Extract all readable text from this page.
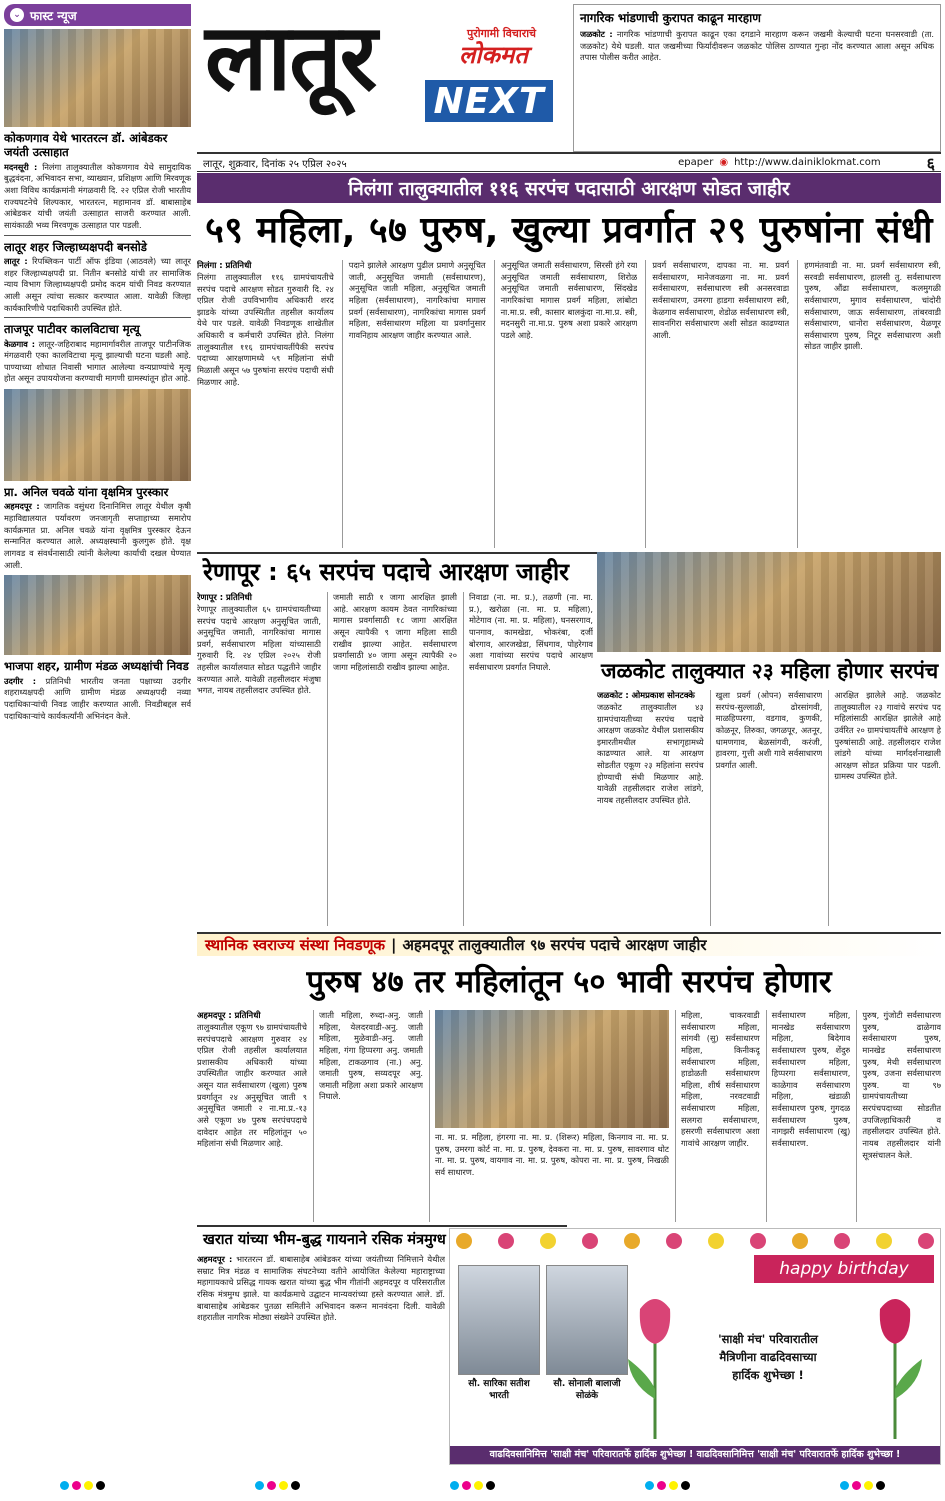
⌄ फास्ट न्यूज
कोकणगाव येथे भारतरत्न डॉ. आंबेडकर जयंती उत्साहात
मदनसूरी : निलंगा तालुक्यातील कोकणगाव येथे सामुदायिक बुद्धवंदना, अभिवादन सभा, व्याख्यान, प्रशिक्षण आणि मिरवणूक अशा विविध कार्यक्रमांनी मंगळवारी दि. २२ एप्रिल रोजी भारतीय राज्यघटनेचे शिल्पकार, भारतरत्न, महामानव डॉ. बाबासाहेब आंबेडकर यांची जयंती उत्साहात साजरी करण्यात आली. सायंकाळी भव्य मिरवणूक उत्साहात पार पडली.
लातूर शहर जिल्हाध्यक्षपदी बनसोडे
लातूर : रिपब्लिकन पार्टी ऑफ इंडिया (आठवले) च्या लातूर शहर जिल्हाध्यक्षपदी प्रा. नितीन बनसोडे यांची तर सामाजिक न्याय विभाग जिल्हाध्यक्षपदी प्रमोद कदम यांची निवड करण्यात आली असून त्यांचा सत्कार करण्यात आला. यावेळी जिल्हा कार्यकारिणीचे पदाधिकारी उपस्थित होते.
ताजपूर पाटीवर कालविटाचा मृत्यू
केळगाव : लातूर-जहिराबाद महामार्गावरील ताजपूर पाटीनजिक मंगळवारी एका कालविटाचा मृत्यू झाल्याची घटना घडली आहे. पाण्याच्या शोधात निवासी भागात आलेल्या वन्यप्राण्यांचे मृत्यू होत असून उपाययोजना करण्याची मागणी ग्रामस्थांतून होत आहे.
प्रा. अनिल चवळे यांना वृक्षमित्र पुरस्कार
अहमदपूर : जागतिक वसुंधरा दिनानिमित्त लातूर येथील कृषी महाविद्यालयात पर्यावरण जनजागृती सप्ताहाच्या समारोप कार्यक्रमात प्रा. अनिल चवळे यांना वृक्षमित्र पुरस्कार देऊन सन्मानित करण्यात आले. अध्यक्षस्थानी कुलगुरू होते. वृक्ष लागवड व संवर्धनासाठी त्यांनी केलेल्या कार्याची दखल घेण्यात आली.
भाजपा शहर, ग्रामीण मंडळ अध्यक्षांची निवड
उदगीर : प्रतिनिधी भारतीय जनता पक्षाच्या उदगीर शहराध्यक्षपदी आणि ग्रामीण मंडळ अध्यक्षपदी नव्या पदाधिकाऱ्यांची निवड जाहीर करण्यात आली. निवडीबद्दल सर्व पदाधिकाऱ्यांचे कार्यकर्त्यांनी अभिनंदन केले.
लातूर	पुरोगामी विचाराचे
लोकमत
NEXT
नागरिक भांडणाची कुरापत काढून मारहाण
जळकोट : नागरिक भांडणाची कुरापत काढून एका दगडाने मारहाण करून जखमी केल्याची घटना घनसरवाडी (ता. जळकोट) येथे घडली. यात जखमीच्या फिर्यादीवरून जळकोट पोलिस ठाण्यात गुन्हा नोंद करण्यात आला असून अधिक तपास पोलीस करीत आहेत.
लातूर, शुक्रवार, दिनांक २५ एप्रिल २०२५	epaper ◉ http://www.dainiklokmat.com	६
निलंगा तालुक्यातील ११६ सरपंच पदासाठी आरक्षण सोडत जाहीर
५९ महिला, ५७ पुरुष, खुल्या प्रवर्गात २९ पुरुषांना संधी
निलंगा : प्रतिनिधी
निलंगा तालुक्यातील ११६ ग्रामपंचायतीचे सरपंच पदाचे आरक्षण सोडत गुरुवारी दि. २४ एप्रिल रोजी उपविभागीय अधिकारी शरद झाडके यांच्या उपस्थितीत तहसील कार्यालय येथे पार पडले. यावेळी निवडणूक शाखेतील अधिकारी व कर्मचारी उपस्थित होते. निलंगा तालुक्यातील ११६ ग्रामपंचायतींपैकी सरपंच पदाच्या आरक्षणामध्ये ५९ महिलांना संधी मिळाली असून ५७ पुरुषांना सरपंच पदाची संधी मिळणार आहे.
पदाने झालेले आरक्षण पुढील प्रमाणे अनुसूचित जाती, अनुसूचित जमाती (सर्वसाधारण), अनुसूचित जाती महिला, अनुसूचित जमाती महिला (सर्वसाधारण), नागरिकांचा मागास प्रवर्ग (सर्वसाधारण), नागरिकांचा मागास प्रवर्ग महिला, सर्वसाधारण महिला या प्रवर्गानुसार गावनिहाय आरक्षण जाहीर करण्यात आले.
अनुसूचित जमाती सर्वसाधारण, सिरसी हंगे रया अनुसूचित जमाती सर्वसाधारण, शिरोळ अनुसूचित जमाती सर्वसाधारण, सिंदखेड नागरिकांचा मागास प्रवर्ग महिला, लांबोटा ना.मा.प्र. स्त्री, कासार बालकुंदा ना.मा.प्र. स्त्री, मदनसुरी ना.मा.प्र. पुरुष अशा प्रकारे आरक्षण पडले आहे.
प्रवर्ग सर्वसाधारण, दापका ना. मा. प्रवर्ग सर्वसाधारण, मानेजवळगा ना. मा. प्रवर्ग सर्वसाधारण, सर्वसाधारण स्त्री अनसरवाडा सर्वसाधारण, उमरगा हाडगा सर्वसाधारण स्त्री, केळगाव सर्वसाधारण, शेडोळ सर्वसाधारण स्त्री, सावनगिरा सर्वसाधारण अशी सोडत काढण्यात आली.
हणमंतवाडी ना. मा. प्रवर्ग सर्वसाधारण स्त्री, सरवडी सर्वसाधारण, हालसी तु. सर्वसाधारण पुरुष, औंढा सर्वसाधारण, कलमुगळी सर्वसाधारण, मुगाव सर्वसाधारण, चांदोरी सर्वसाधारण, जाऊ सर्वसाधारण, तांबरवाडी सर्वसाधारण, धानोरा सर्वसाधारण, येळणूर सर्वसाधारण पुरुष, निटूर सर्वसाधारण अशी सोडत जाहीर झाली.
रेणापूर : ६५ सरपंच पदाचे आरक्षण जाहीर
रेणापूर : प्रतिनिधी
रेणापूर तालुक्यातील ६५ ग्रामपंचायतीच्या सरपंच पदाचे आरक्षण अनुसूचित जाती, अनुसूचित जमाती, नागरिकांचा मागास प्रवर्ग, सर्वसाधारण महिला यांच्यासाठी गुरुवारी दि. २४ एप्रिल २०२५ रोजी तहसील कार्यालयात सोडत पद्धतीने जाहीर करण्यात आले. यावेळी तहसीलदार मंजुषा भगत, नायब तहसीलदार उपस्थित होते.
जमाती साठी १ जागा आरक्षित झाली आहे. आरक्षण कायम ठेवत नागरिकांच्या मागास प्रवर्गासाठी १८ जागा आरक्षित असून त्यापैकी ९ जागा महिला साठी राखीव झाल्या आहेत. सर्वसाधारण प्रवर्गासाठी ४० जागा असून त्यापैकी २० जागा महिलांसाठी राखीव झाल्या आहेत.
निवाडा (ना. मा. प्र.), तळणी (ना. मा. प्र.), खरोळा (ना. मा. प्र. महिला), मोटेगाव (ना. मा. प्र. महिला), घनसरगाव, पानगाव, कामखेडा, भोकरंबा, दर्जी बोरगाव, आरजखेडा, सिंधगाव, पोहरेगाव अशा गावांच्या सरपंच पदाचे आरक्षण सर्वसाधारण प्रवर्गात निघाले.	जळकोट तालुक्यात २३ महिला होणार सरपंच
जळकोट : ओमप्रकाश सोनटक्के
जळकोट तालुक्यातील ४३ ग्रामपंचायतीच्या सरपंच पदाचे आरक्षण जळकोट येथील प्रशासकीय इमारतीमधील सभागृहामध्ये काढण्यात आले. या आरक्षण सोडतीत एकूण २३ महिलांना सरपंच होण्याची संधी मिळणार आहे. यावेळी तहसीलदार राजेश लांडगे, नायब तहसीलदार उपस्थित होते.
खुला प्रवर्ग (ओपन) सर्वसाधारण सरपंच-सुल्लाळी, ढोरसांगवी, माळहिप्परगा, वडगाव, कुणकी, कोळनूर, तिरुका, जगळपूर, अतनूर, धामणगाव, बेळसांगवी, करंजी, हावरगा, गुत्ती अशी गावे सर्वसाधारण प्रवर्गात आली.
आरक्षित झालेले आहे. जळकोट तालुक्यातील २३ गावांचे सरपंच पद महिलांसाठी आरक्षित झालेले आहे उर्वरित २० ग्रामपंचायतींचे आरक्षण हे पुरुषांसाठी आहे. तहसीलदार राजेश लांडगे यांच्या मार्गदर्शनाखाली आरक्षण सोडत प्रक्रिया पार पडली. ग्रामस्थ उपस्थित होते.
स्थानिक स्वराज्य संस्था निवडणूक | अहमदपूर तालुक्यातील ९७ सरपंच पदाचे आरक्षण जाहीर
पुरुष ४७ तर महिलांतून ५० भावी सरपंच होणार
अहमदपूर : प्रतिनिधी
तालुक्यातील एकूण ९७ ग्रामपंचायतीचे सरपंचपदाचे आरक्षण गुरुवार २४ एप्रिल रोजी तहसील कार्यालयात प्रशासकीय अधिकारी यांच्या उपस्थितीत जाहीर करण्यात आले असून यात सर्वसाधारण (खुला) पुरुष प्रवर्गातून २४ अनुसूचित जाती ९ अनुसूचित जमाती २ ना.मा.प्र.-१३ असे एकूण ४७ पुरुष सरपंचपदाचे दावेदार आहेत तर महिलांतून ५० महिलांना संधी मिळणार आहे.
जाती महिला, रुध्दा-अनु. जाती महिला, येलदरवाडी-अनु. जाती महिला, मुळेवाडी-अनु. जाती महिला, गंगा हिप्परगा अनु. जमाती महिला, टाकळगाव (ना.) अनु. जमाती पुरुष, सय्यदपूर अनु. जमाती महिला अशा प्रकारे आरक्षण निघाले.
ना. मा. प्र. महिला, हंगरगा ना. मा. प्र. (शिरूर) महिला, किनगाव ना. मा. प्र. पुरुष, उमरगा कोर्ट ना. मा. प्र. पुरुष, देवकरा ना. मा. प्र. पुरुष, सावरगाव थोट ना. मा. प्र. पुरुष, वायगाव ना. मा. प्र. पुरुष, कोपरा ना. मा. प्र. पुरुष, निखळी सर्व साधारण.
महिला, चाकरवाडी सर्वसाधारण महिला, सांगवी (सु) सर्वसाधारण महिला, किनीकदू सर्वसाधारण महिला, हाडोळती सर्वसाधारण महिला, शीर्ष सर्वसाधारण महिला, नरवटवाडी सर्वसाधारण महिला, सलगरा सर्वसाधारण, हसरणी सर्वसाधारण अशा गावांचे आरक्षण जाहीर.
सर्वसाधारण महिला, मानखेड सर्वसाधारण महिला, बिदेगाव सर्वसाधारण पुरुष, शेंदुरु सर्वसाधारण महिला, हिप्परगा सर्वसाधारण, काळेगाव सर्वसाधारण महिला, खंडाळी सर्वसाधारण पुरुष, गुगदळ सर्वसाधारण पुरुष, नागझरी सर्वसाधारण (खु) सर्वसाधारण.
पुरुष, गुंजोटी सर्वसाधारण पुरुष, ढाळेगाव सर्वसाधारण पुरुष, मानखेड सर्वसाधारण पुरुष, मेथी सर्वसाधारण पुरुष, उजना सर्वसाधारण पुरुष. या ९७ ग्रामपंचायतीच्या सरपंचपदाच्या सोडतीत उपजिल्हाधिकारी व तहसीलदार उपस्थित होते. नायब तहसीलदार यांनी सूत्रसंचालन केले.
खरात यांच्या भीम-बुद्ध गायनाने रसिक मंत्रमुग्ध
अहमदपूर : भारतरत्न डॉ. बाबासाहेब आंबेडकर यांच्या जयंतीच्या निमित्ताने येथील सम्राट मित्र मंडळ व सामाजिक संघटनेच्या वतीने आयोजित केलेल्या महाराष्ट्राच्या महागायकाचे प्रसिद्ध गायक खरात यांच्या बुद्ध भीम गीतांनी अहमदपूर व परिसरातील रसिक मंत्रमुग्ध झाले. या कार्यक्रमाचे उद्घाटन मान्यवरांच्या हस्ते करण्यात आले. डॉ. बाबासाहेब आंबेडकर पुतळा समितीने अभिवादन करून मानवंदना दिली. यावेळी शहरातील नागरिक मोठ्या संख्येने उपस्थित होते.
happy birthday
सौ. सारिका सतीश भारती
सौ. सोनाली बालाजी सोळंके
'साक्षी मंच' परिवारातील मैत्रिणीना वाढदिवसाच्या हार्दिक शुभेच्छा !
वाढदिवसानिमित्त 'साक्षी मंच' परिवारातर्फे हार्दिक शुभेच्छा ! वाढदिवसानिमित्त 'साक्षी मंच' परिवारातर्फे हार्दिक शुभेच्छा !
